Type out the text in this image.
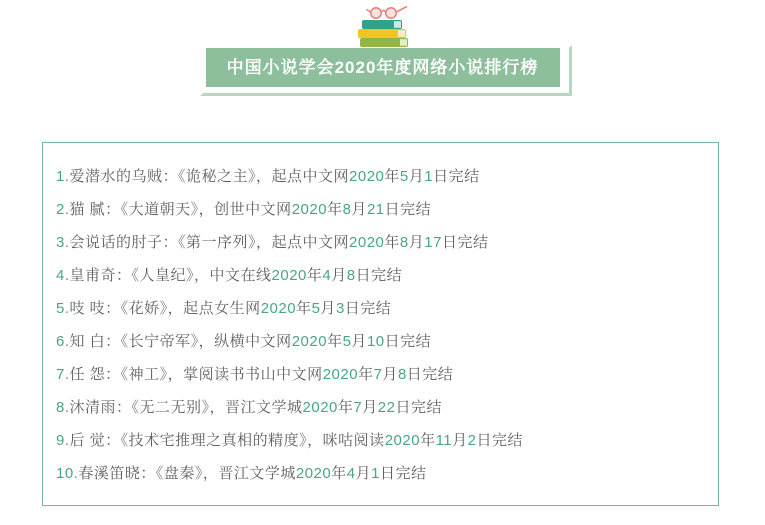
中国小说学会2020年度网络小说排行榜
1.爱潜水的乌贼：《诡秘之主》，起点中文网2020年5月1日完结
2.猫 腻：《大道朝天》，创世中文网2020年8月21日完结
3.会说话的肘子：《第一序列》，起点中文网2020年8月17日完结
4.皇甫奇：《人皇纪》，中文在线2020年4月8日完结
5.吱 吱：《花娇》，起点女生网2020年5月3日完结
6.知 白：《长宁帝军》，纵横中文网2020年5月10日完结
7.任 怨：《神工》，掌阅读书书山中文网2020年7月8日完结
8.沐清雨：《无二无别》，晋江文学城2020年7月22日完结
9.后 觉：《技术宅推理之真相的精度》，咪咕阅读2020年11月2日完结
10.春溪笛晓：《盘秦》，晋江文学城2020年4月1日完结
